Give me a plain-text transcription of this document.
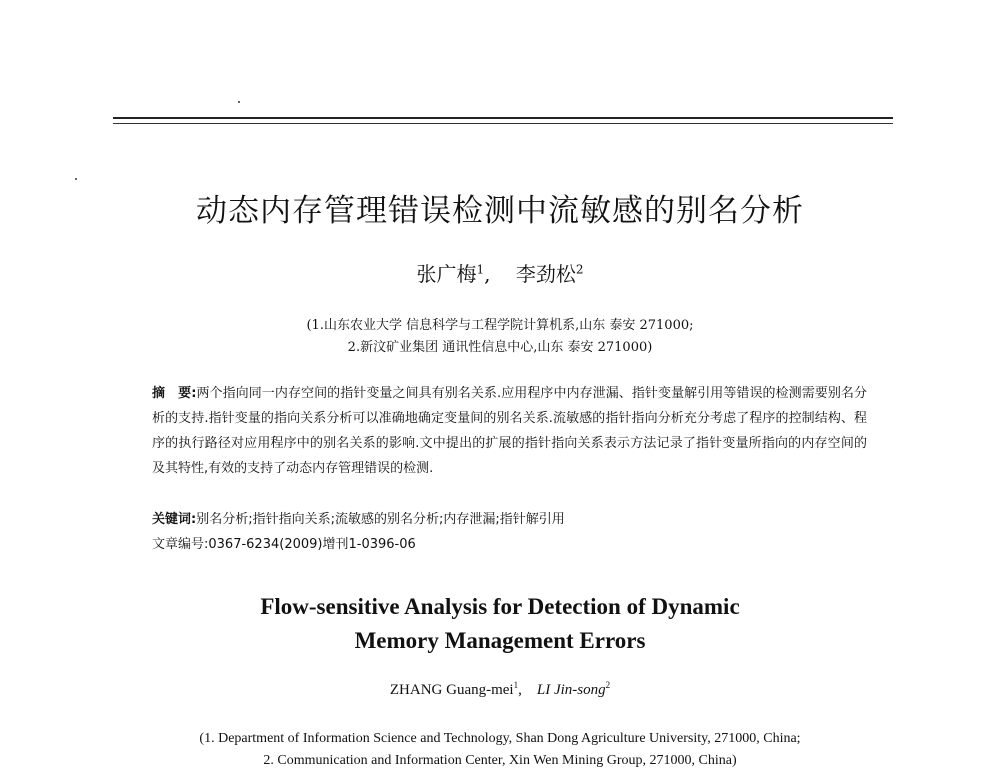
动态内存管理错误检测中流敏感的别名分析
张广梅$^1$,    李劲松$^2$
(1.山东农业大学 信息科学与工程学院计算机系,山东 泰安 271000;
2.新汶矿业集团 通讯性信息中心,山东 泰安 271000)
摘　要:两个指向同一内存空间的指针变量之间具有别名关系.应用程序中内存泄漏、指针变量解引用等错误的检测需要别名分析的支持.指针变量的指向关系分析可以准确地确定变量间的别名关系.流敏感的指针指向分析充分考虑了程序的控制结构、程序的执行路径对应用程序中的别名关系的影响.文中提出的扩展的指针指向关系表示方法记录了指针变量所指向的内存空间的及其特性,有效的支持了动态内存管理错误的检测.
关键词:别名分析;指针指向关系;流敏感的别名分析;内存泄漏;指针解引用
文章编号:0367-6234(2009)增刊1-0396-06
Flow-sensitive Analysis for Detection of Dynamic
Memory Management Errors
ZHANG Guang-mei$^1$,    LI Jin-song$^2$
(1. Department of Information Science and Technology, Shan Dong Agriculture University, 271000, China;
2. Communication and Information Center, Xin Wen Mining Group, 271000, China)
